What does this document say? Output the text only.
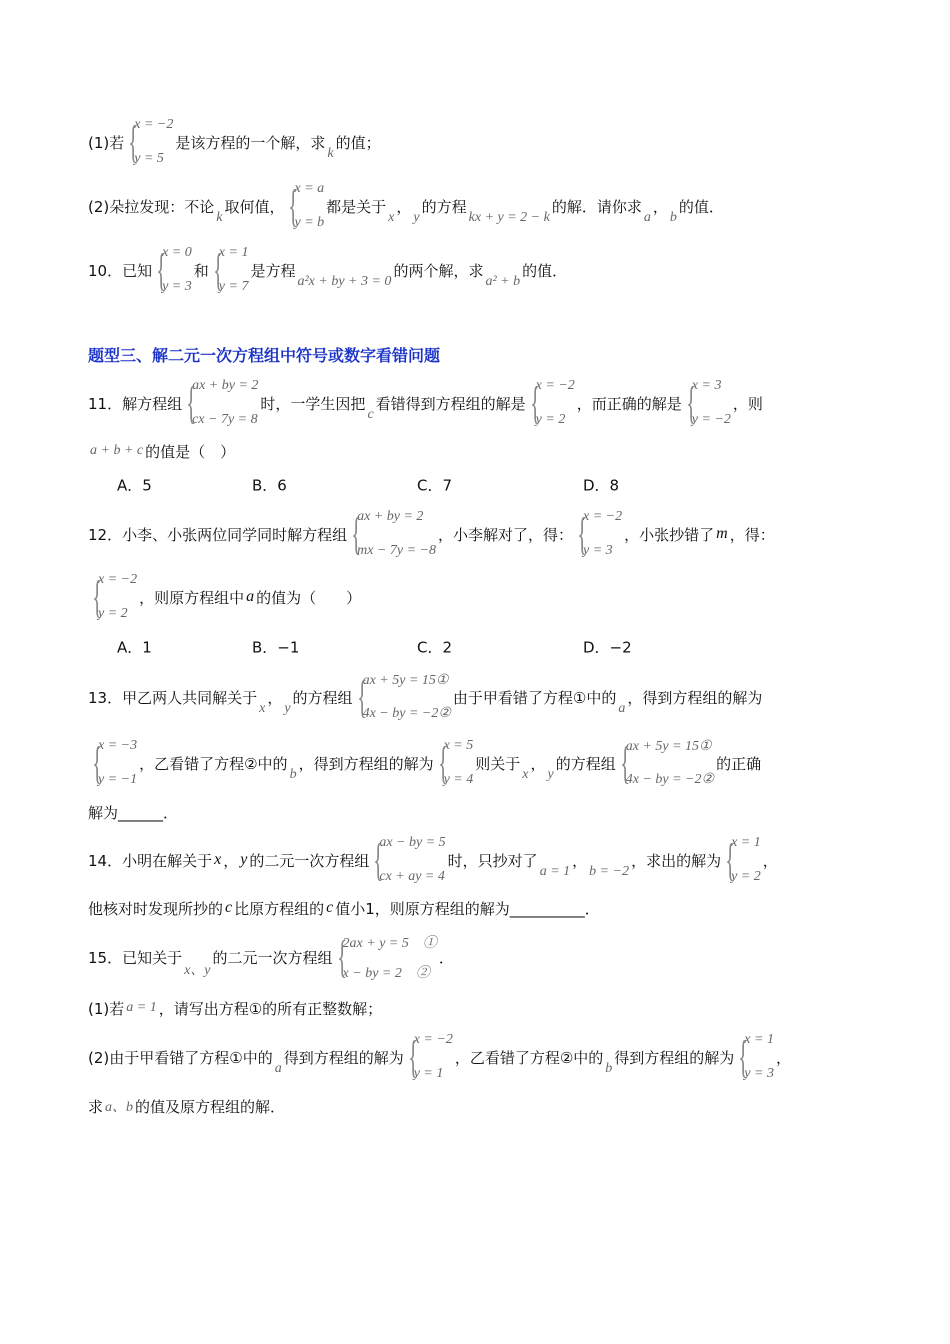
题型三、解二元一次方程组中符号或数字看错问题
A．5	B．6	C．7	D．8
A．1	B．−1	C．2	D．−2
(1)若 {
x = −2
y = 5
是该方程的一个解，求
k
的值；
(2)朵拉发现：不论
k
取何值， {
x = a
y = b
都是关于
x
，
y
的方程
kx + y = 2 − k
的解．请你求
a
，
b
的值．
10．已知 {
x = 0
y = 3
和 {
x = 1
y = 7
是方程
a²x + by + 3 = 0
的两个解，求
a² + b
的值．
11．解方程组 {
ax + by = 2
cx − 7y = 8
时，一学生因把
c
看错得到方程组的解是 {
x = −2
y = 2
，而正确的解是 {
x = 3
y = −2
，则
a + b + c 的值是（　）
12．小李、小张两位同学同时解方程组 {
ax + by = 2
mx − 7y = −8
，小李解对了，得： {
x = −2
y = 3
，小张抄错了 m ，得：
{
x = −2
y = 2
，则原方程组中 a 的值为（　　）
13．甲乙两人共同解关于
x
，
y
的方程组 {
ax + 5y = 15①
4x − by = −2②
由于甲看错了方程①中的
a
，得到方程组的解为
{
x = −3
y = −1
，乙看错了方程②中的
b
，得到方程组的解为 {
x = 5
y = 4
则关于
x
，
y
的方程组 {
ax + 5y = 15①
4x − by = −2②
的正确
解为______．
14．小明在解关于 x ， y 的二元一次方程组 {
ax − by = 5
cx + ay = 4
时，只抄对了
a = 1
，
b = −2
，求出的解为 {
x = 1
y = 2
，
他核对时发现所抄的 c 比原方程组的 c 值小1，则原方程组的解为__________．
15．已知关于
x、y
的二元一次方程组 {
2ax + y = 5　①
x − by = 2　②
．
(1)若 a = 1 ，请写出方程①的所有正整数解；
(2)由于甲看错了方程①中的
a
得到方程组的解为 {
x = −2
y = 1
，乙看错了方程②中的
b
得到方程组的解为 {
x = 1
y = 3
，
求 a、b 的值及原方程组的解．
